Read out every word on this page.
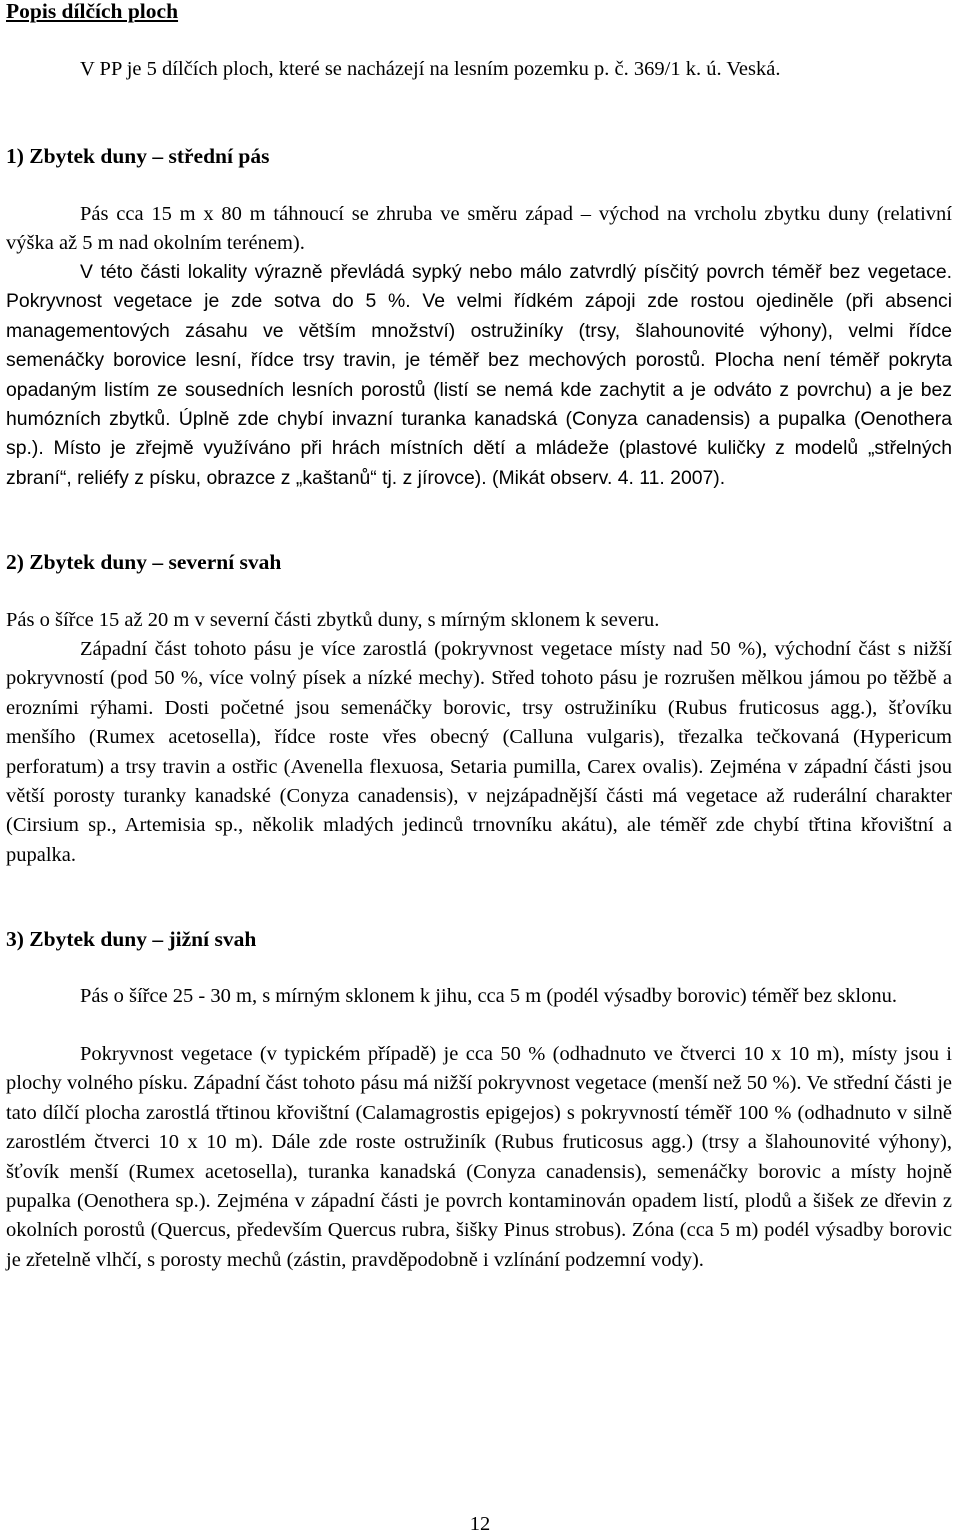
Popis dílčích ploch

V PP je 5 dílčích ploch, které se nacházejí na lesním pozemku p. č. 369/1 k. ú. Veská.

1) Zbytek duny – střední pás

Pás cca 15 m x 80 m táhnoucí se zhruba ve směru západ – východ na vrcholu zbytku duny (relativní výška až 5 m nad okolním terénem).

V této části lokality výrazně převládá sypký nebo málo zatvrdlý písčitý povrch téměř bez vegetace. Pokryvnost vegetace je zde sotva do 5 %. Ve velmi řídkém zápoji zde rostou ojediněle (při absenci managementových zásahu ve větším množství) ostružiníky (trsy, šlahounovité výhony), velmi řídce semenáčky borovice lesní, řídce trsy travin, je téměř bez mechových porostů. Plocha není téměř pokryta opadaným listím ze sousedních lesních porostů (listí se nemá kde zachytit a je odváto z povrchu) a je bez humózních zbytků. Úplně zde chybí invazní turanka kanadská (Conyza canadensis) a pupalka (Oenothera sp.). Místo je zřejmě využíváno při hrách místních dětí a mládeže (plastové kuličky z modelů „střelných zbraní“, reliéfy z písku, obrazce z „kaštanů“ tj. z jírovce). (Mikát observ. 4. 11. 2007).

2) Zbytek duny – severní svah

Pás o šířce 15 až 20 m v severní části zbytků duny, s mírným sklonem k severu.

Západní část tohoto pásu je více zarostlá (pokryvnost vegetace místy nad 50 %), východní část s nižší pokryvností (pod 50 %, více volný písek a nízké mechy). Střed tohoto pásu je rozrušen mělkou jámou po těžbě a erozními rýhami. Dosti početné jsou semenáčky borovic, trsy ostružiníku (Rubus fruticosus agg.), šťovíku menšího (Rumex acetosella), řídce roste vřes obecný (Calluna vulgaris), třezalka tečkovaná (Hypericum perforatum) a trsy travin a ostřic (Avenella flexuosa, Setaria pumilla, Carex ovalis). Zejména v západní části jsou větší porosty turanky kanadské (Conyza canadensis), v nejzápadnější části má vegetace až ruderální charakter (Cirsium sp., Artemisia sp., několik mladých jedinců trnovníku akátu), ale téměř zde chybí třtina křovištní a pupalka.

3) Zbytek duny – jižní svah

Pás o šířce 25 - 30 m, s mírným sklonem k jihu, cca 5 m (podél výsadby borovic) téměř bez sklonu.

Pokryvnost vegetace (v typickém případě) je cca 50 % (odhadnuto ve čtverci 10 x 10 m), místy jsou i plochy volného písku. Západní část tohoto pásu má nižší pokryvnost vegetace (menší než 50 %). Ve střední části je tato dílčí plocha zarostlá třtinou křovištní (Calamagrostis epigejos) s pokryvností téměř 100 % (odhadnuto v silně zarostlém čtverci 10 x 10 m). Dále zde roste ostružiník (Rubus fruticosus agg.) (trsy a šlahounovité výhony), šťovík menší (Rumex acetosella), turanka kanadská (Conyza canadensis), semenáčky borovic a místy hojně pupalka (Oenothera sp.). Zejména v západní části je povrch kontaminován opadem listí, plodů a šišek ze dřevin z okolních porostů (Quercus, především Quercus rubra, šišky Pinus strobus). Zóna (cca 5 m) podél výsadby borovic je zřetelně vlhčí, s porosty mechů (zástin, pravděpodobně i vzlínání podzemní vody).

12
